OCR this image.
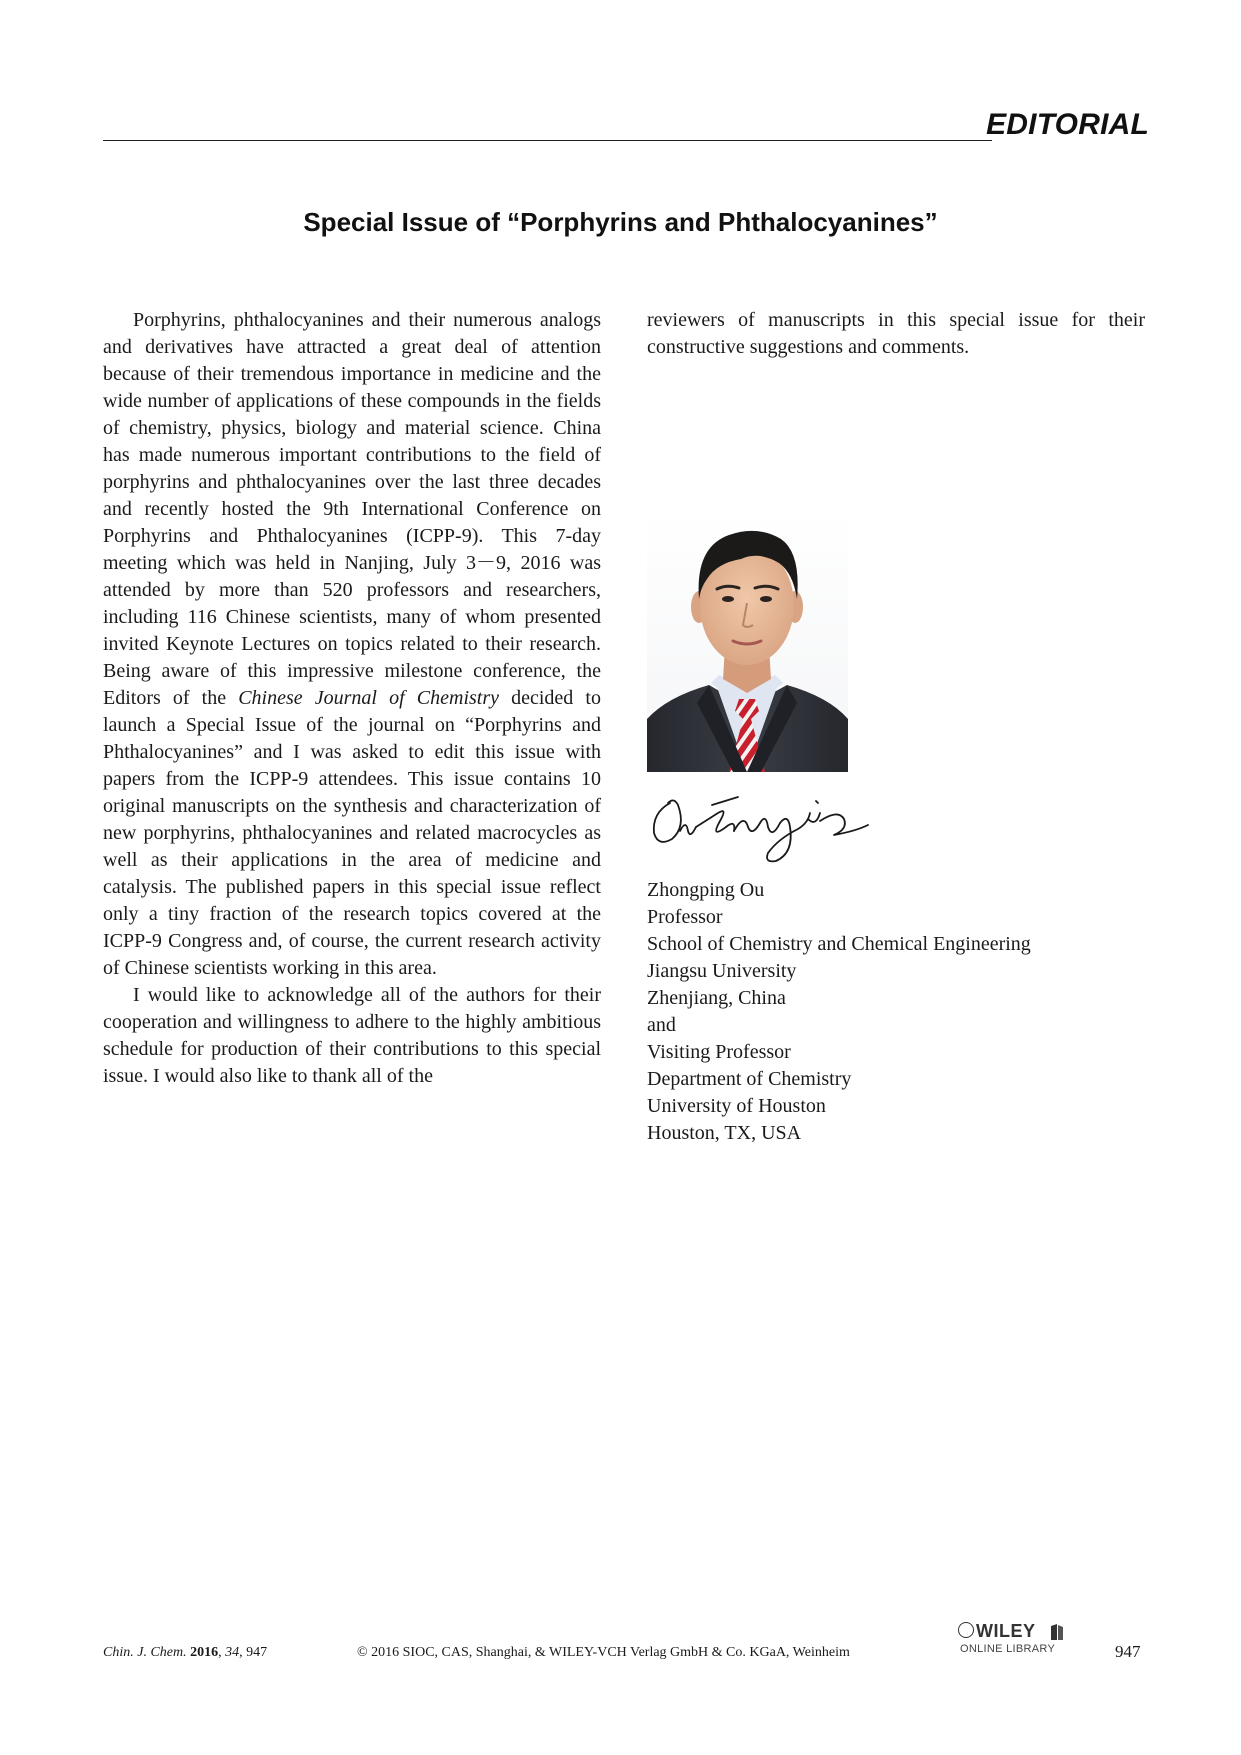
EDITORIAL
Special Issue of “Porphyrins and Phthalocyanines”

Porphyrins, phthalocyanines and their numerous analogs and derivatives have attracted a great deal of attention because of their tremendous importance in medicine and the wide number of applications of these compounds in the fields of chemistry, physics, biology and material science. China has made numerous important contributions to the field of porphyrins and phthalocyanines over the last three decades and recently hosted the 9th International Conference on Porphyrins and Phthalocyanines (ICPP-9). This 7-day meeting which was held in Nanjing, July 3－9, 2016 was attended by more than 520 professors and researchers, including 116 Chinese scientists, many of whom presented invited Keynote Lectures on topics related to their research. Being aware of this impressive milestone conference, the Editors of the Chinese Journal of Chemistry decided to launch a Special Issue of the journal on “Porphyrins and Phthalocyanines” and I was asked to edit this issue with papers from the ICPP-9 attendees. This issue contains 10 original manuscripts on the synthesis and characterization of new porphyrins, phthalocyanines and related macrocycles as well as their applications in the area of medicine and catalysis. The published papers in this special issue reflect only a tiny fraction of the research topics covered at the ICPP-9 Congress and, of course, the current research activity of Chinese scientists working in this area.

I would like to acknowledge all of the authors for their cooperation and willingness to adhere to the highly ambitious schedule for production of their contributions to this special issue. I would also like to thank all of the

reviewers of manuscripts in this special issue for their constructive suggestions and comments.

Zhongping Ou
Professor
School of Chemistry and Chemical Engineering
Jiangsu University
Zhenjiang, China
and
Visiting Professor
Department of Chemistry
University of Houston
Houston, TX, USA
Chin. J. Chem. 2016, 34, 947	© 2016 SIOC, CAS, Shanghai, & WILEY-VCH Verlag GmbH & Co. KGaA, Weinheim
WILEY
ONLINE LIBRARY	947
